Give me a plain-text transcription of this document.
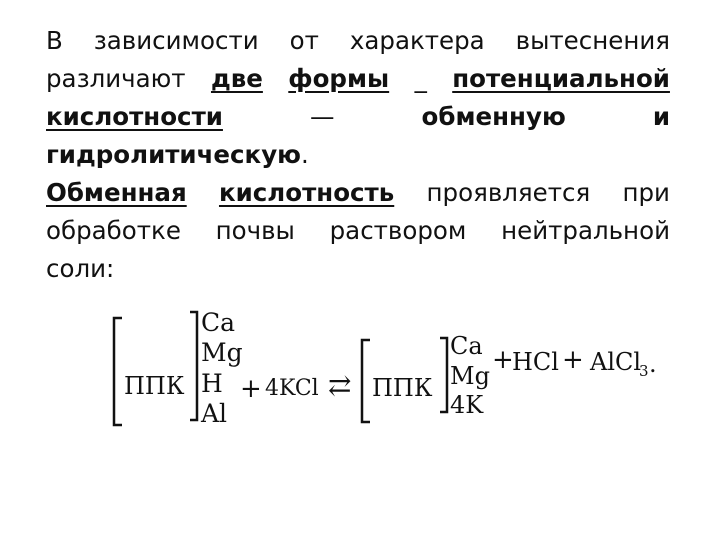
В зависимости от характера вытеснения
различают две формы _ потенциальной
кислотности	—	обменную	и
гидролитическую .
Обменная кислотность проявляется при
обработке почвы раствором нейтральной
соли:
ППК
Ca
Mg
H
Al
+ 4KCl ⇄ ППК
Ca
Mg
4K
+
HCl + AlCl
3 .
